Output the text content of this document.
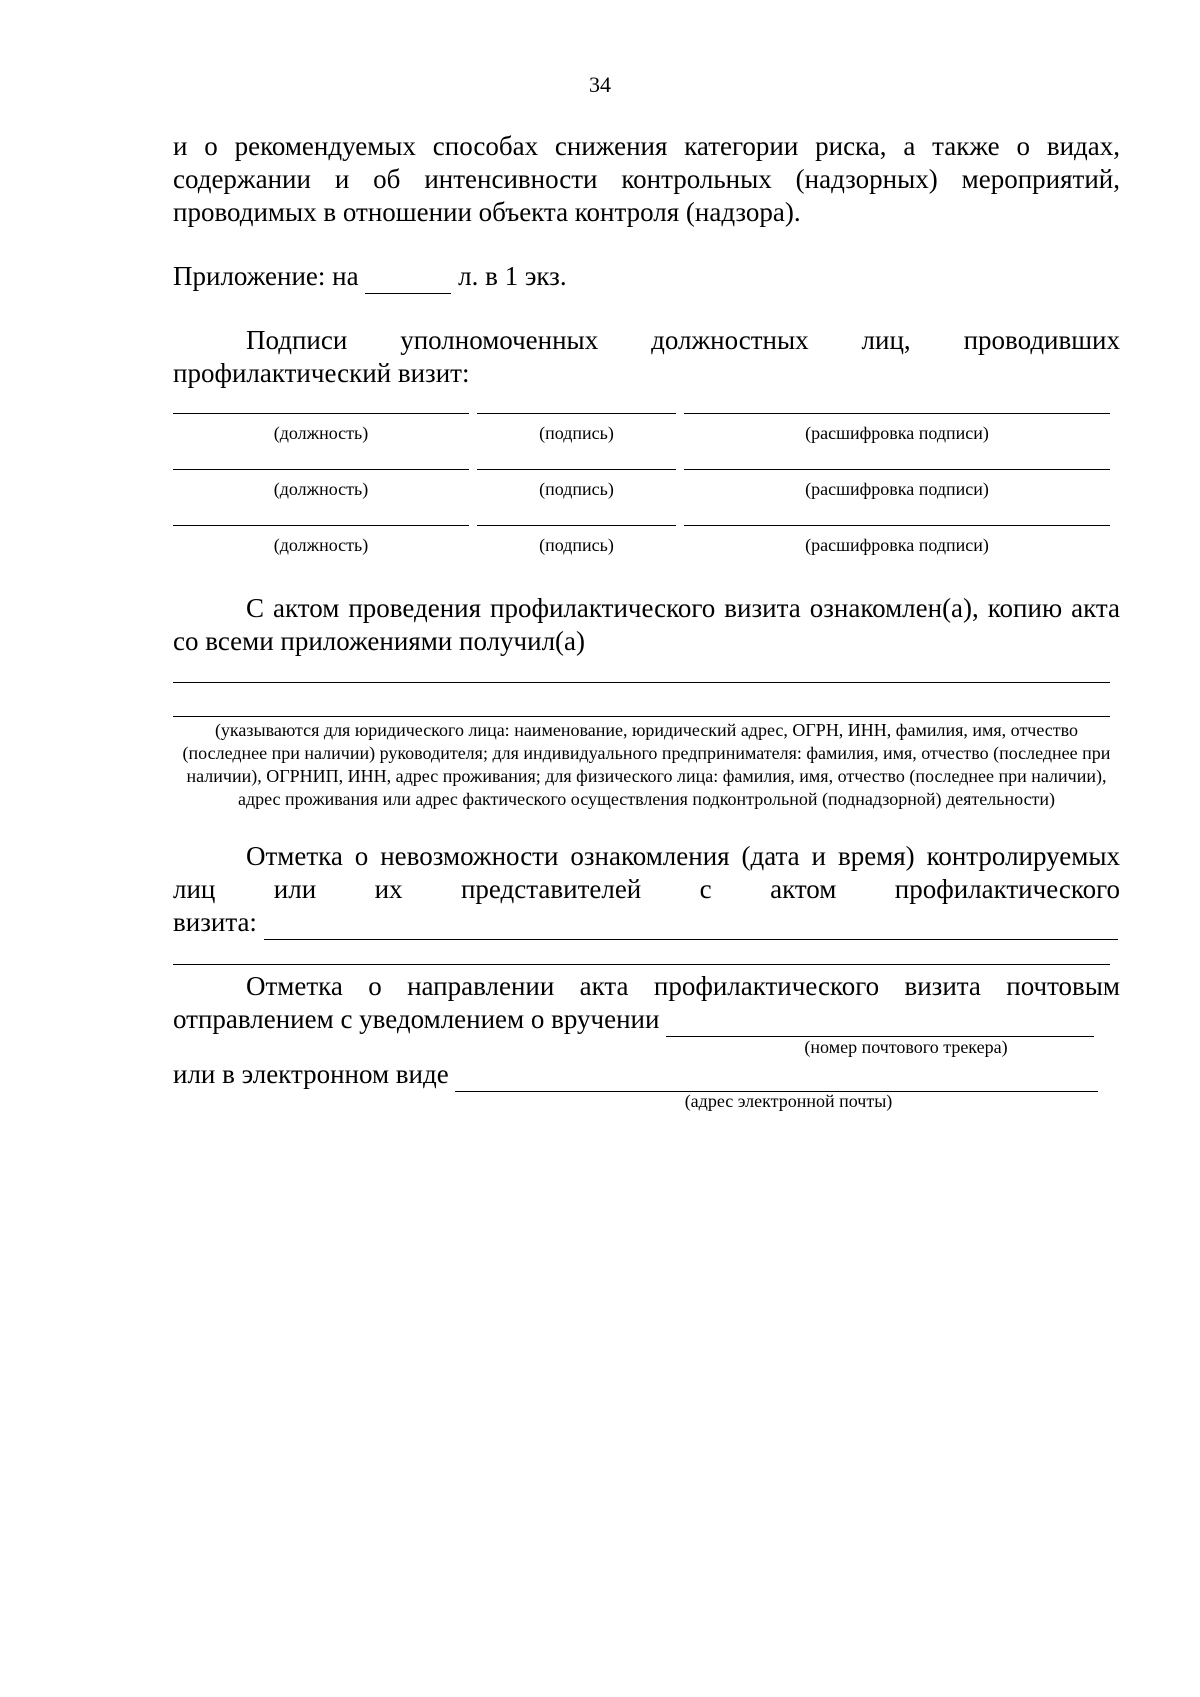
34

и о рекомендуемых способах снижения категории риска, а также о видах, содержании и об интенсивности контрольных (надзорных) мероприятий, проводимых в отношении объекта контроля (надзора).

Приложение: на	л. в 1 экз.

Подписи уполномоченных должностных лиц, проводивших профилактический визит:

(должность)	(подпись)	(расшифровка подписи)
(должность)	(подпись)	(расшифровка подписи)
(должность)	(подпись)	(расшифровка подписи)

С актом проведения профилактического визита ознакомлен(а), копию акта со всеми приложениями получил(а)

(указываются для юридического лица: наименование, юридический адрес, ОГРН, ИНН, фамилия, имя, отчество (последнее при наличии) руководителя; для индивидуального предпринимателя: фамилия, имя, отчество (последнее при наличии), ОГРНИП, ИНН, адрес проживания; для физического лица: фамилия, имя, отчество (последнее при наличии), адрес проживания или адрес фактического осуществления подконтрольной (поднадзорной) деятельности)

Отметка о невозможности ознакомления (дата и время) контролируемых лиц или их представителей с актом профилактического

визита:
Отметка о направлении акта профилактического визита почтовым
отправлением с уведомлением о вручении
(номер почтового трекера)
или в электронном виде
(адрес электронной почты)
